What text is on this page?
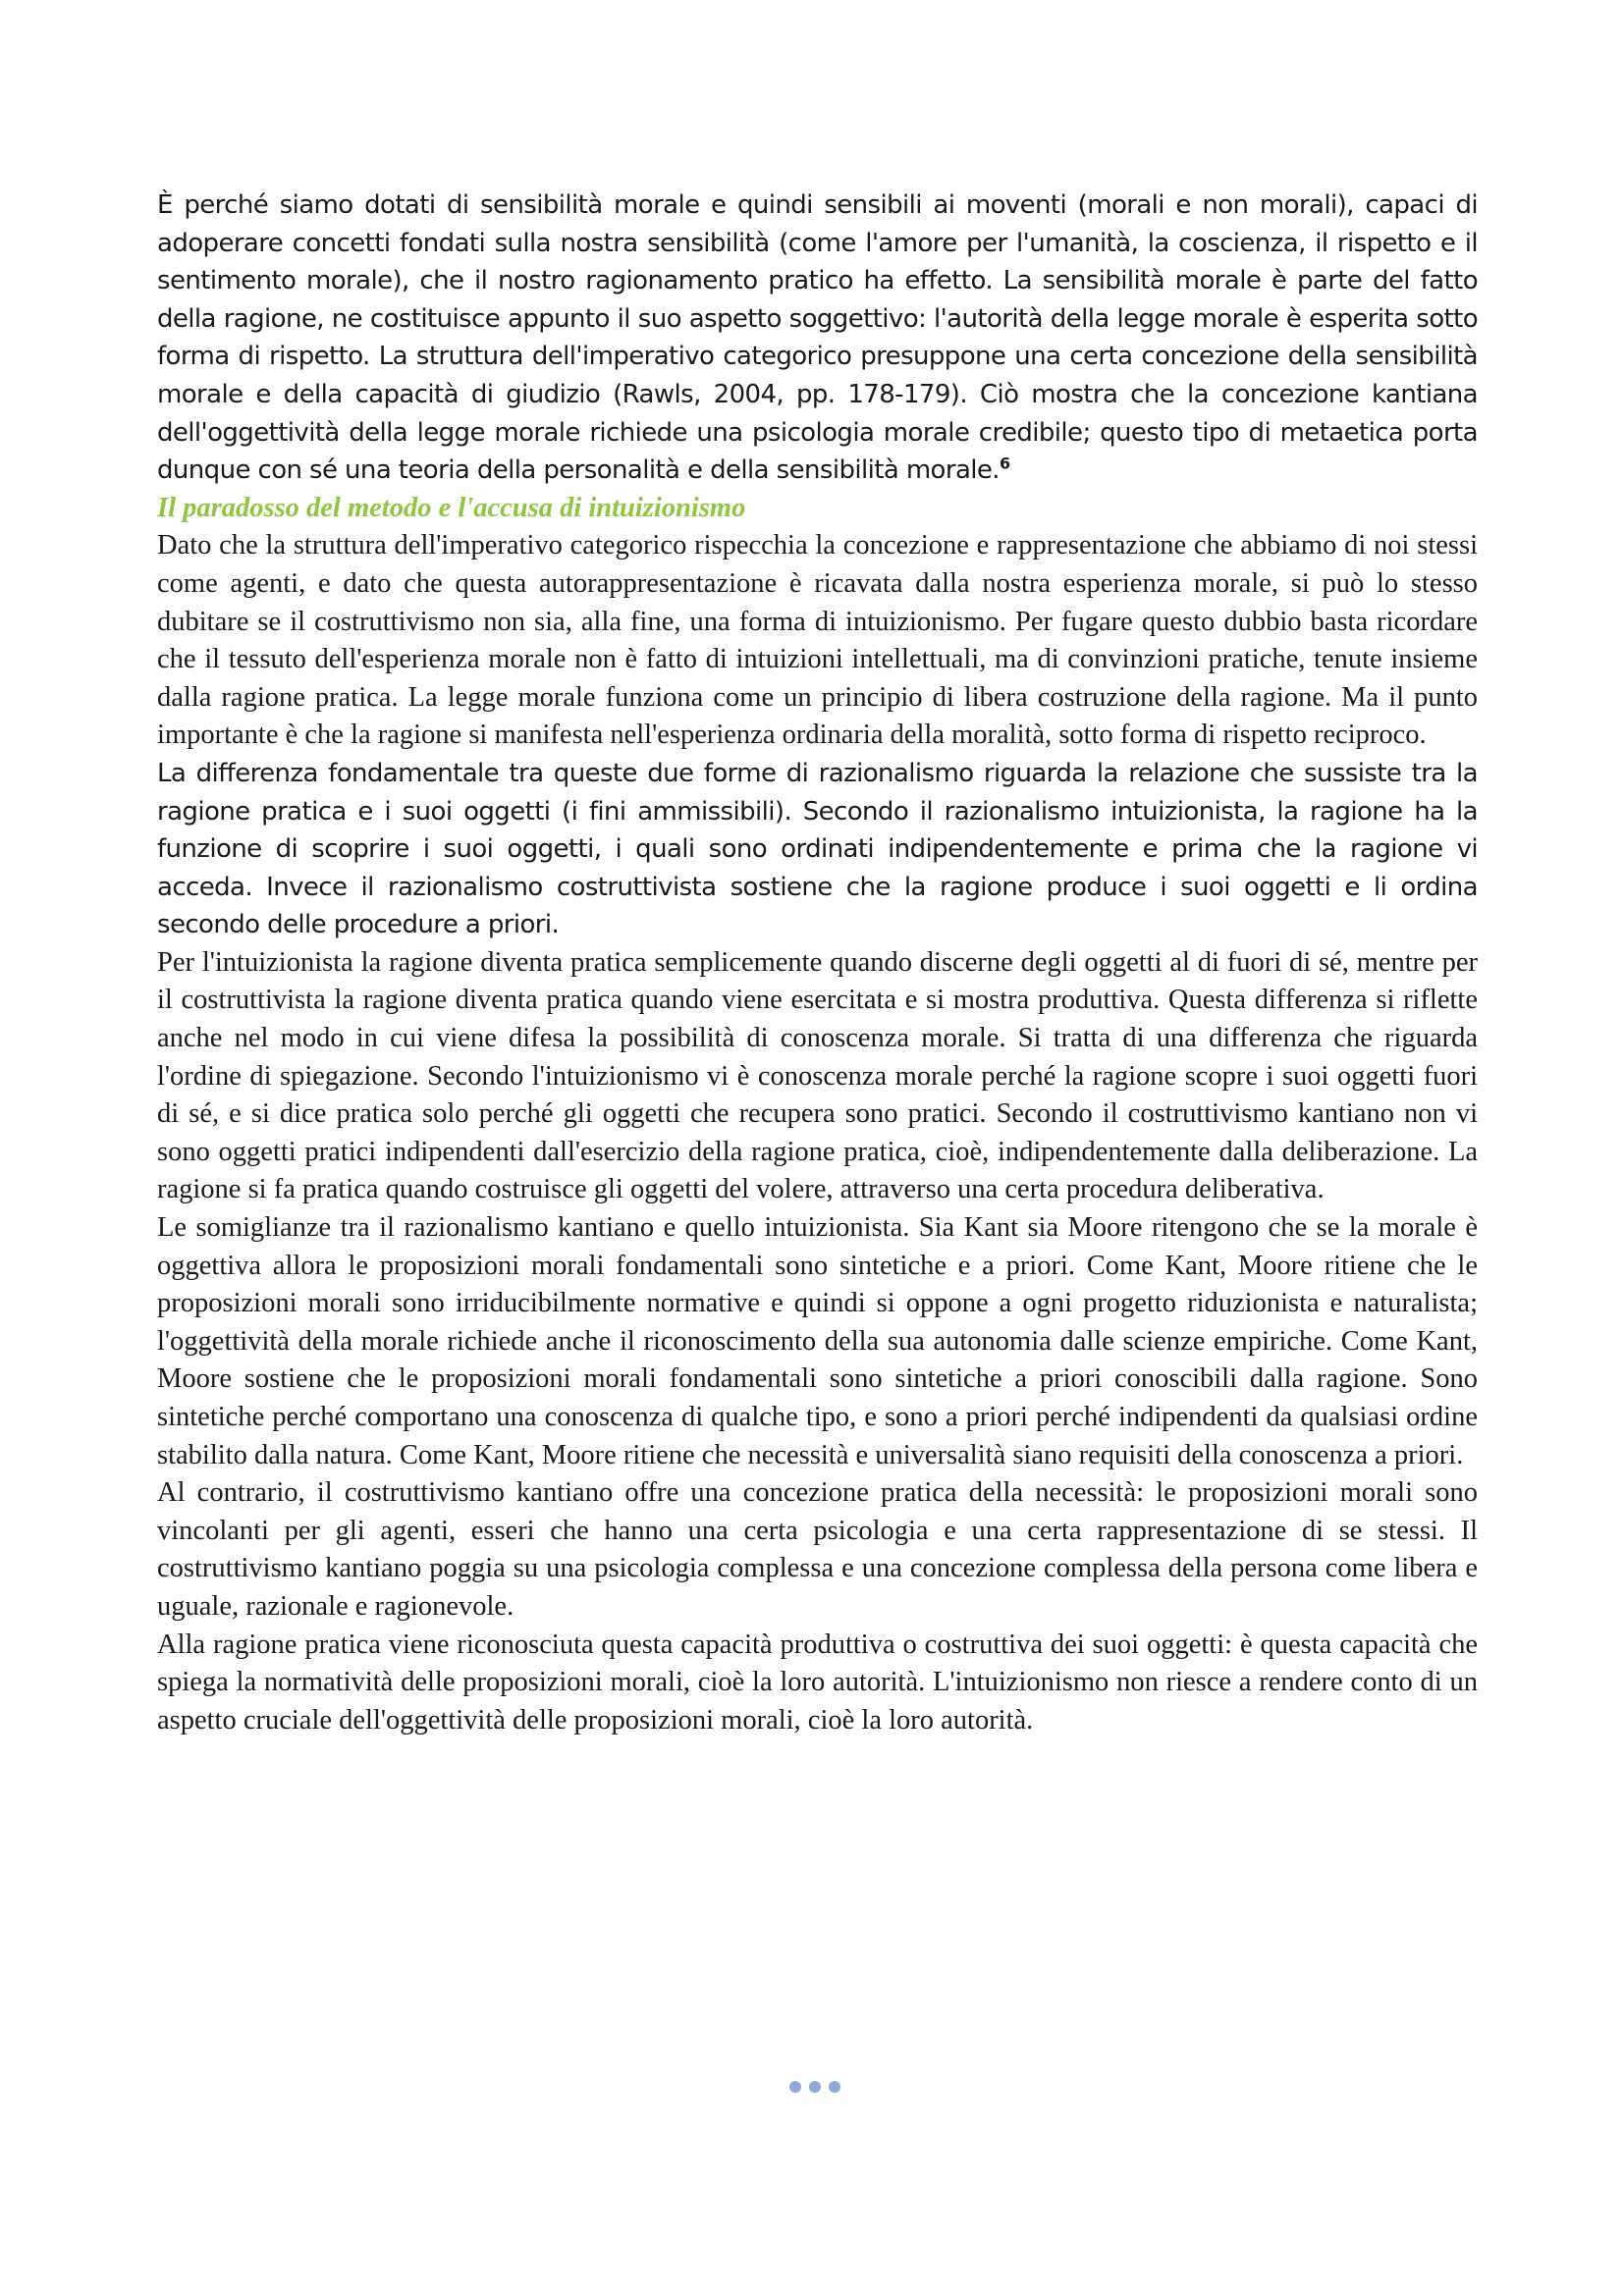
È perché siamo dotati di sensibilità morale e quindi sensibili ai moventi (morali e non morali), capaci di adoperare concetti fondati sulla nostra sensibilità (come l'amore per l'umanità, la coscienza, il rispetto e il sentimento morale), che il nostro ragionamento pratico ha effetto. La sensibilità morale è parte del fatto della ragione, ne costituisce appunto il suo aspetto soggettivo: l'autorità della legge morale è esperita sotto forma di rispetto. La struttura dell'imperativo categorico presuppone una certa concezione della sensibilità morale e della capacità di giudizio (Rawls, 2004, pp. 178-179). Ciò mostra che la concezione kantiana dell'oggettività della legge morale richiede una psicologia morale credibile; questo tipo di metaetica porta dunque con sé una teoria della personalità e della sensibilità morale.$^6$

Il paradosso del metodo e l'accusa di intuizionismo

Dato che la struttura dell'imperativo categorico rispecchia la concezione e rappresentazione che abbiamo di noi stessi come agenti, e dato che questa autorappresentazione è ricavata dalla nostra esperienza morale, si può lo stesso dubitare se il costruttivismo non sia, alla fine, una forma di intuizionismo. Per fugare questo dubbio basta ricordare che il tessuto dell'esperienza morale non è fatto di intuizioni intellettuali, ma di convinzioni pratiche, tenute insieme dalla ragione pratica. La legge morale funziona come un principio di libera costruzione della ragione. Ma il punto importante è che la ragione si manifesta nell'esperienza ordinaria della moralità, sotto forma di rispetto reciproco.

La differenza fondamentale tra queste due forme di razionalismo riguarda la relazione che sussiste tra la ragione pratica e i suoi oggetti (i fini ammissibili). Secondo il razionalismo intuizionista, la ragione ha la funzione di scoprire i suoi oggetti, i quali sono ordinati indipendentemente e prima che la ragione vi acceda. Invece il razionalismo costruttivista sostiene che la ragione produce i suoi oggetti e li ordina secondo delle procedure a priori.

Per l'intuizionista la ragione diventa pratica semplicemente quando discerne degli oggetti al di fuori di sé, mentre per il costruttivista la ragione diventa pratica quando viene esercitata e si mostra produttiva. Questa differenza si riflette anche nel modo in cui viene difesa la possibilità di conoscenza morale. Si tratta di una differenza che riguarda l'ordine di spiegazione. Secondo l'intuizionismo vi è conoscenza morale perché la ragione scopre i suoi oggetti fuori di sé, e si dice pratica solo perché gli oggetti che recupera sono pratici. Secondo il costruttivismo kantiano non vi sono oggetti pratici indipendenti dall'esercizio della ragione pratica, cioè, indipendentemente dalla deliberazione. La ragione si fa pratica quando costruisce gli oggetti del volere, attraverso una certa procedura deliberativa.

Le somiglianze tra il razionalismo kantiano e quello intuizionista. Sia Kant sia Moore ritengono che se la morale è oggettiva allora le proposizioni morali fondamentali sono sintetiche e a priori. Come Kant, Moore ritiene che le proposizioni morali sono irriducibilmente normative e quindi si oppone a ogni progetto riduzionista e naturalista; l'oggettività della morale richiede anche il riconoscimento della sua autonomia dalle scienze empiriche. Come Kant, Moore sostiene che le proposizioni morali fondamentali sono sintetiche a priori conoscibili dalla ragione. Sono sintetiche perché comportano una conoscenza di qualche tipo, e sono a priori perché indipendenti da qualsiasi ordine stabilito dalla natura. Come Kant, Moore ritiene che necessità e universalità siano requisiti della conoscenza a priori.

Al contrario, il costruttivismo kantiano offre una concezione pratica della necessità: le proposizioni morali sono vincolanti per gli agenti, esseri che hanno una certa psicologia e una certa rappresentazione di se stessi. Il costruttivismo kantiano poggia su una psicologia complessa e una concezione complessa della persona come libera e uguale, razionale e ragionevole.

Alla ragione pratica viene riconosciuta questa capacità produttiva o costruttiva dei suoi oggetti: è questa capacità che spiega la normatività delle proposizioni morali, cioè la loro autorità. L'intuizionismo non riesce a rendere conto di un aspetto cruciale dell'oggettività delle proposizioni morali, cioè la loro autorità.
